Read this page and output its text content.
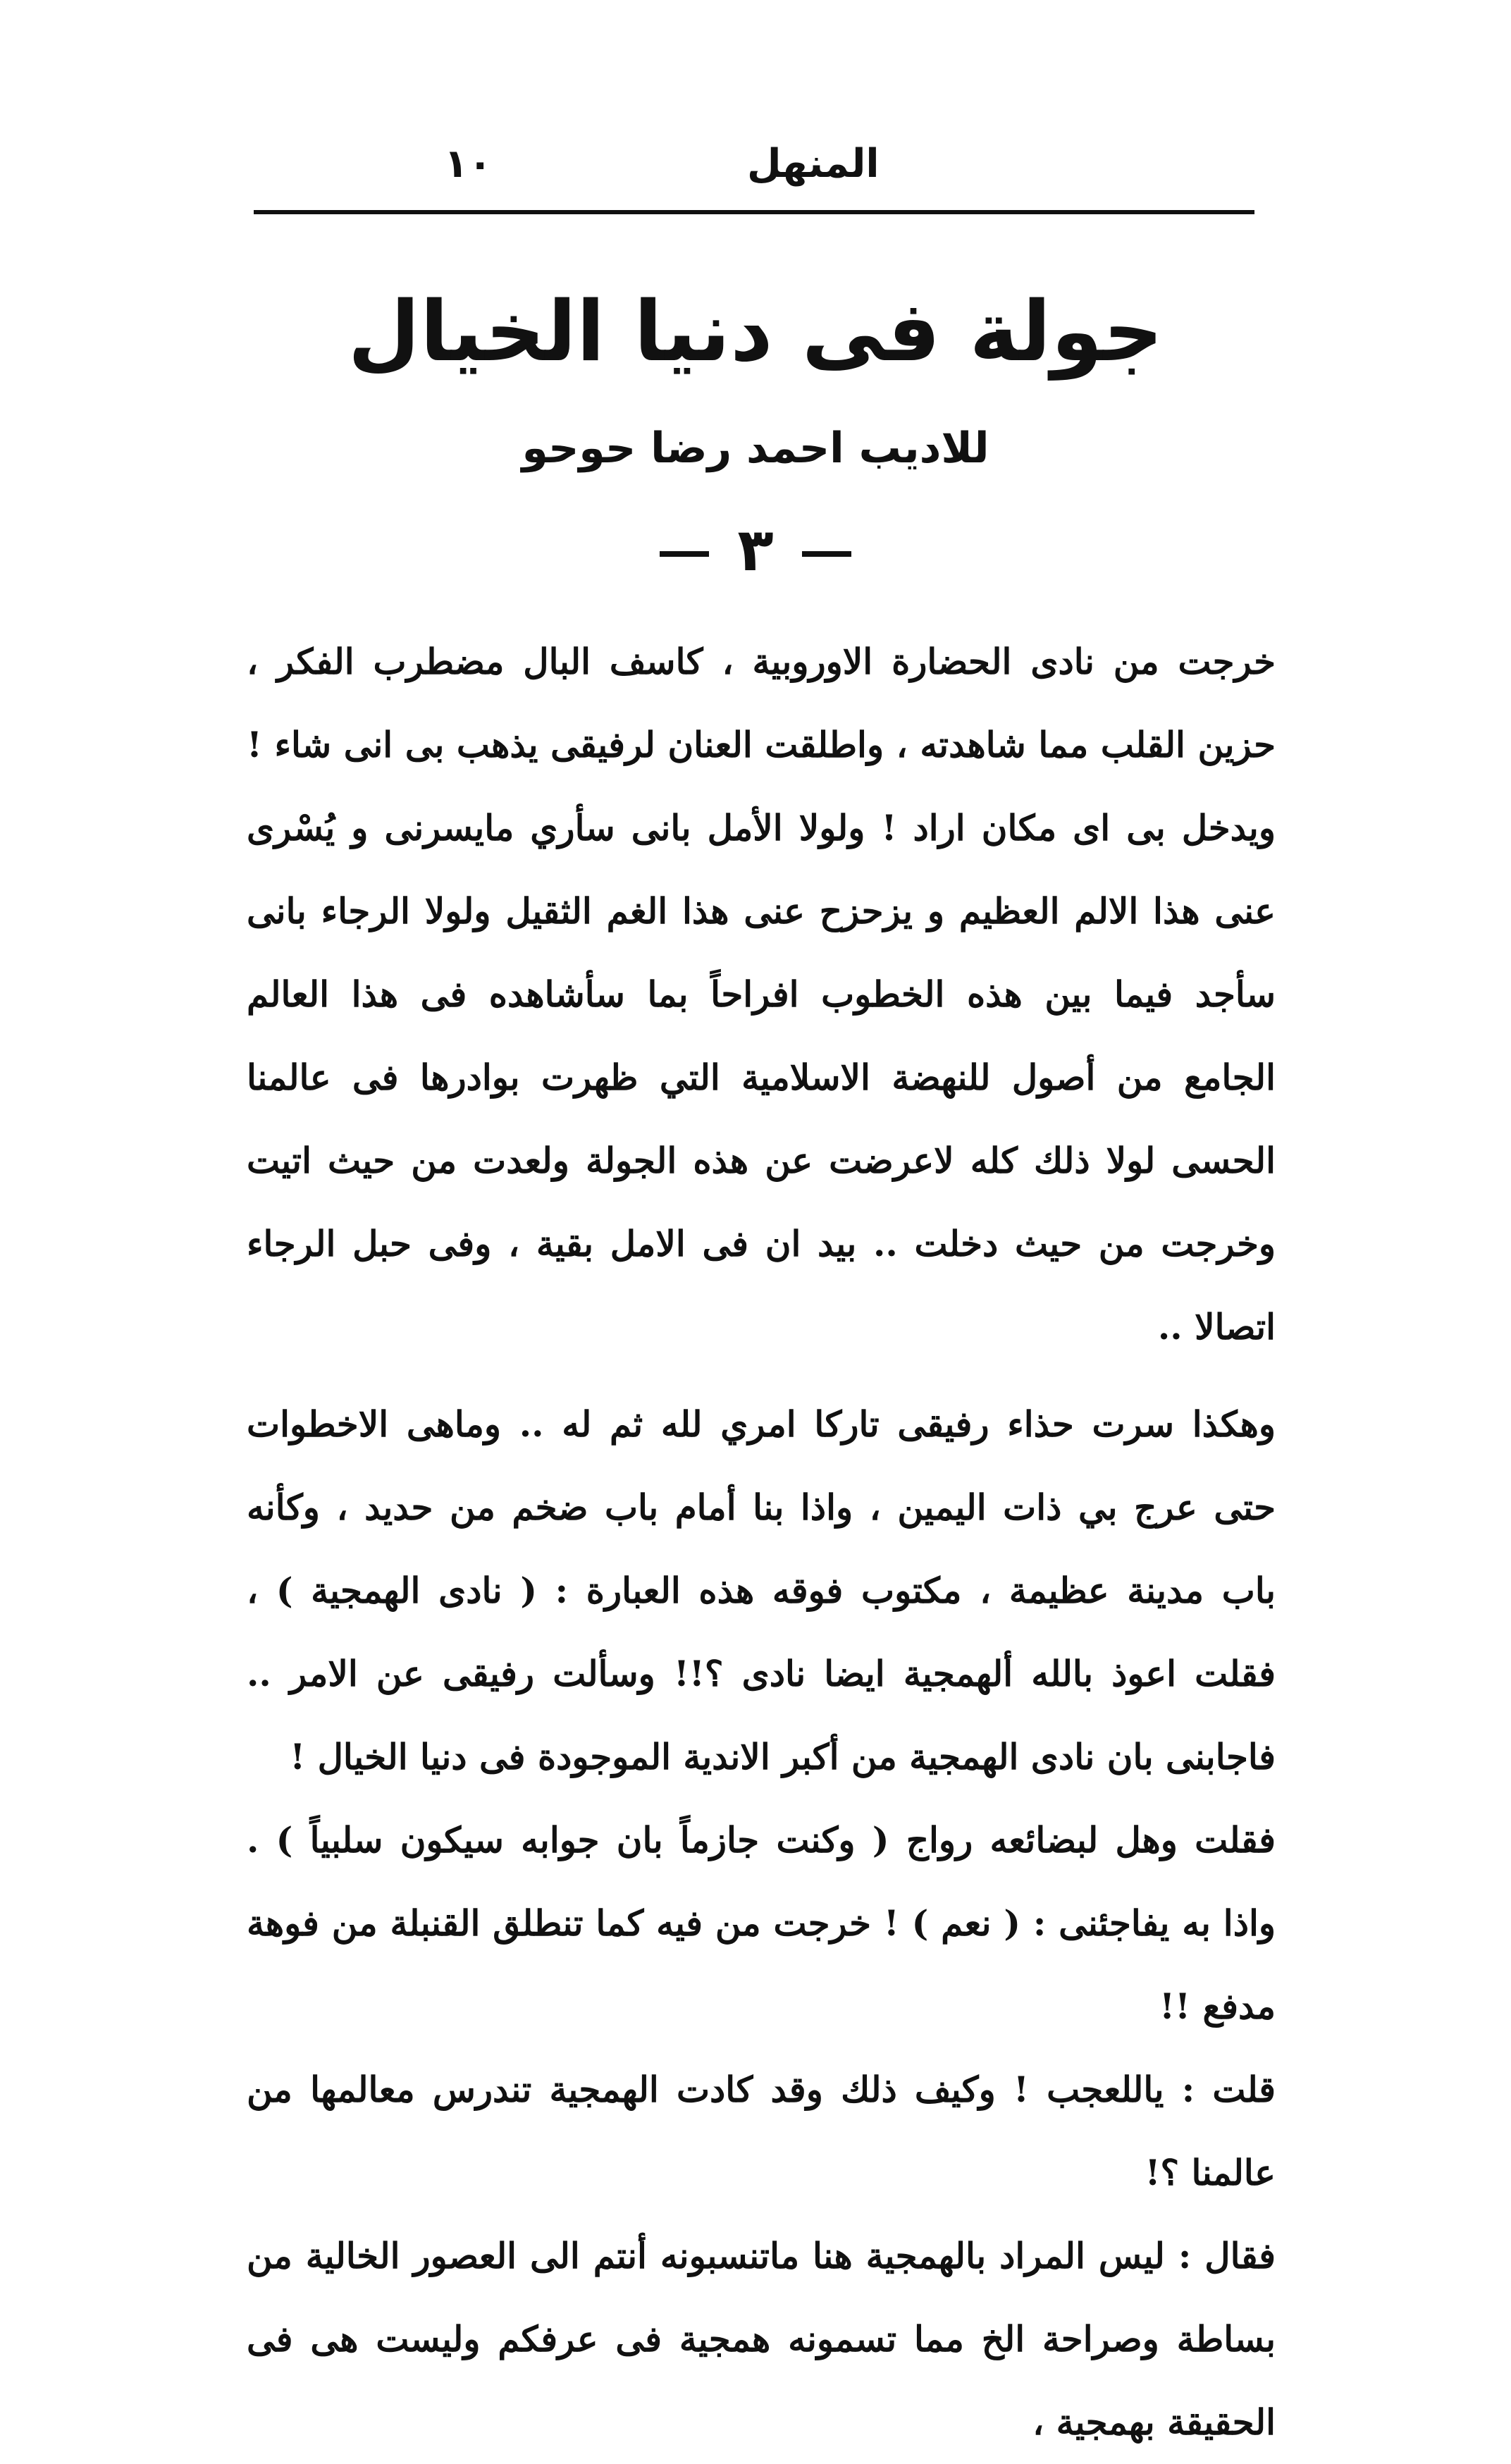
١٠	المنهل
جولة فى دنيا الخيال
للاديب احمد رضا حوحو
٣

خرجت من نادى الحضارة الاوروبية ، كاسف البال مضطرب الفكر ، حزين القلب مما شاهدته ، واطلقت العنان لرفيقى يذهب بى انى شاء ! ويدخل بى اى مكان اراد ! ولولا الأمل بانى سأري مايسرنى و يُسْرى عنى هذا الالم العظيم و يزحزح عنى هذا الغم الثقيل ولولا الرجاء بانى سأجد فيما بين هذه الخطوب افراحاً بما سأشاهده فى هذا العالم الجامع من أصول للنهضة الاسلامية التي ظهرت بوادرها فى عالمنا الحسى لولا ذلك كله لاعرضت عن هذه الجولة ولعدت من حيث اتيت وخرجت من حيث دخلت .. بيد ان فى الامل بقية ، وفى حبل الرجاء اتصالا ..

وهكذا سرت حذاء رفيقى تاركا امري لله ثم له .. وماهى الاخطوات حتى عرج بي ذات اليمين ، واذا بنا أمام باب ضخم من حديد ، وكأنه باب مدينة عظيمة ، مكتوب فوقه هذه العبارة : ( نادى الهمجية ) ، فقلت اعوذ بالله ألهمجية ايضا نادى ؟!! وسألت رفيقى عن الامر .. فاجابنى بان نادى الهمجية من أكبر الاندية الموجودة فى دنيا الخيال !

فقلت وهل لبضائعه رواج ( وكنت جازماً بان جوابه سيكون سلبياً ) . واذا به يفاجئنى : ( نعم ) ! خرجت من فيه كما تنطلق القنبلة من فوهة مدفع !!

قلت : ياللعجب ! وكيف ذلك وقد كادت الهمجية تندرس معالمها من عالمنا ؟!

فقال : ليس المراد بالهمجية هنا ماتنسبونه أنتم الى العصور الخالية من بساطة وصراحة الخ مما تسمونه همجية فى عرفكم وليست هى فى الحقيقة بهمجية ،
